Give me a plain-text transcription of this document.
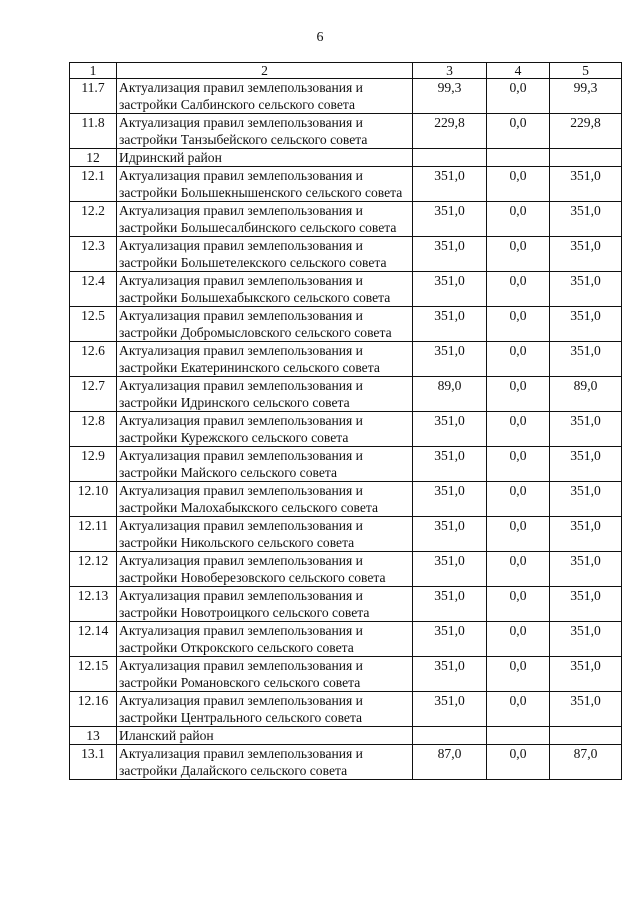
6
1	2	3	4	5
11.7	Актуализация правил землепользования и застройки Салбинского сельского совета	99,3	0,0	99,3
11.8	Актуализация правил землепользования и застройки Танзыбейского сельского совета	229,8	0,0	229,8
12	Идринский район			
12.1	Актуализация правил землепользования и застройки Большекнышенского сельского совета	351,0	0,0	351,0
12.2	Актуализация правил землепользования и застройки Большесалбинского сельского совета	351,0	0,0	351,0
12.3	Актуализация правил землепользования и застройки Большетелекского сельского совета	351,0	0,0	351,0
12.4	Актуализация правил землепользования и застройки Большехабыкского сельского совета	351,0	0,0	351,0
12.5	Актуализация правил землепользования и застройки Добромысловского сельского совета	351,0	0,0	351,0
12.6	Актуализация правил землепользования и застройки Екатерининского сельского совета	351,0	0,0	351,0
12.7	Актуализация правил землепользования и застройки Идринского сельского совета	89,0	0,0	89,0
12.8	Актуализация правил землепользования и застройки Курежского сельского совета	351,0	0,0	351,0
12.9	Актуализация правил землепользования и застройки Майского сельского совета	351,0	0,0	351,0
12.10	Актуализация правил землепользования и застройки Малохабыкского сельского совета	351,0	0,0	351,0
12.11	Актуализация правил землепользования и застройки Никольского сельского совета	351,0	0,0	351,0
12.12	Актуализация правил землепользования и застройки Новоберезовского сельского совета	351,0	0,0	351,0
12.13	Актуализация правил землепользования и застройки Новотроицкого сельского совета	351,0	0,0	351,0
12.14	Актуализация правил землепользования и застройки Открокского сельского совета	351,0	0,0	351,0
12.15	Актуализация правил землепользования и застройки Романовского сельского совета	351,0	0,0	351,0
12.16	Актуализация правил землепользования и застройки Центрального сельского совета	351,0	0,0	351,0
13	Иланский район			
13.1	Актуализация правил землепользования и застройки Далайского сельского совета	87,0	0,0	87,0
